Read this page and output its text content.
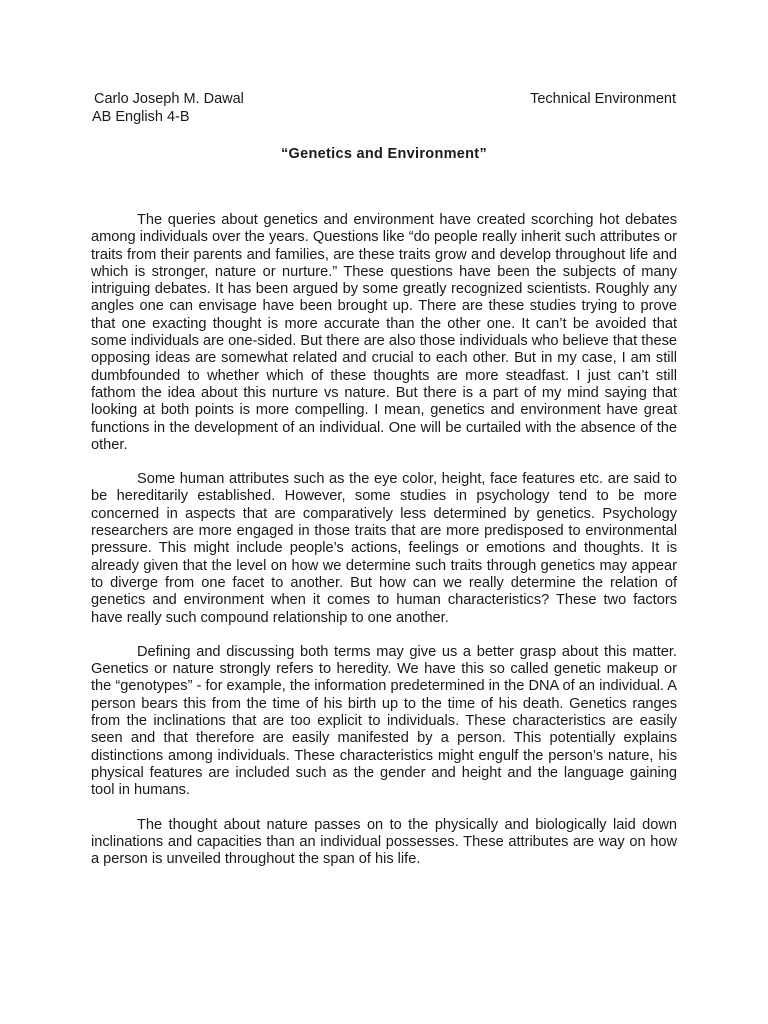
Carlo Joseph M. Dawal
AB English 4-B
Technical Environment
“Genetics and Environment”

The queries about genetics and environment have created scorching hot debates among individuals over the years. Questions like “do people really inherit such attributes or traits from their parents and families, are these traits grow and develop throughout life and which is stronger, nature or nurture.” These questions have been the subjects of many intriguing debates. It has been argued by some greatly recognized scientists. Roughly any angles one can envisage have been brought up. There are these studies trying to prove that one exacting thought is more accurate than the other one. It can’t be avoided that some individuals are one-sided. But there are also those individuals who believe that these opposing ideas are somewhat related and crucial to each other. But in my case, I am still dumbfounded to whether which of these thoughts are more steadfast. I just can’t still fathom the idea about this nurture vs nature. But there is a part of my mind saying that looking at both points is more compelling. I mean, genetics and environment have great functions in the development of an individual. One will be curtailed with the absence of the other.

Some human attributes such as the eye color, height, face features etc. are said to be hereditarily established. However, some studies in psychology tend to be more concerned in aspects that are comparatively less determined by genetics. Psychology researchers are more engaged in those traits that are more predisposed to environmental pressure. This might include people’s actions, feelings or emotions and thoughts. It is already given that the level on how we determine such traits through genetics may appear to diverge from one facet to another. But how can we really determine the relation of genetics and environment when it comes to human characteristics? These two factors have really such compound relationship to one another.

Defining and discussing both terms may give us a better grasp about this matter. Genetics or nature strongly refers to heredity. We have this so called genetic makeup or the “genotypes” - for example, the information predetermined in the DNA of an individual. A person bears this from the time of his birth up to the time of his death. Genetics ranges from the inclinations that are too explicit to individuals. These characteristics are easily seen and that therefore are easily manifested by a person. This potentially explains distinctions among individuals. These characteristics might engulf the person’s nature, his physical features are included such as the gender and height and the language gaining tool in humans.

The thought about nature passes on to the physically and biologically laid down inclinations and capacities than an individual possesses. These attributes are way on how a person is unveiled throughout the span of his life.
